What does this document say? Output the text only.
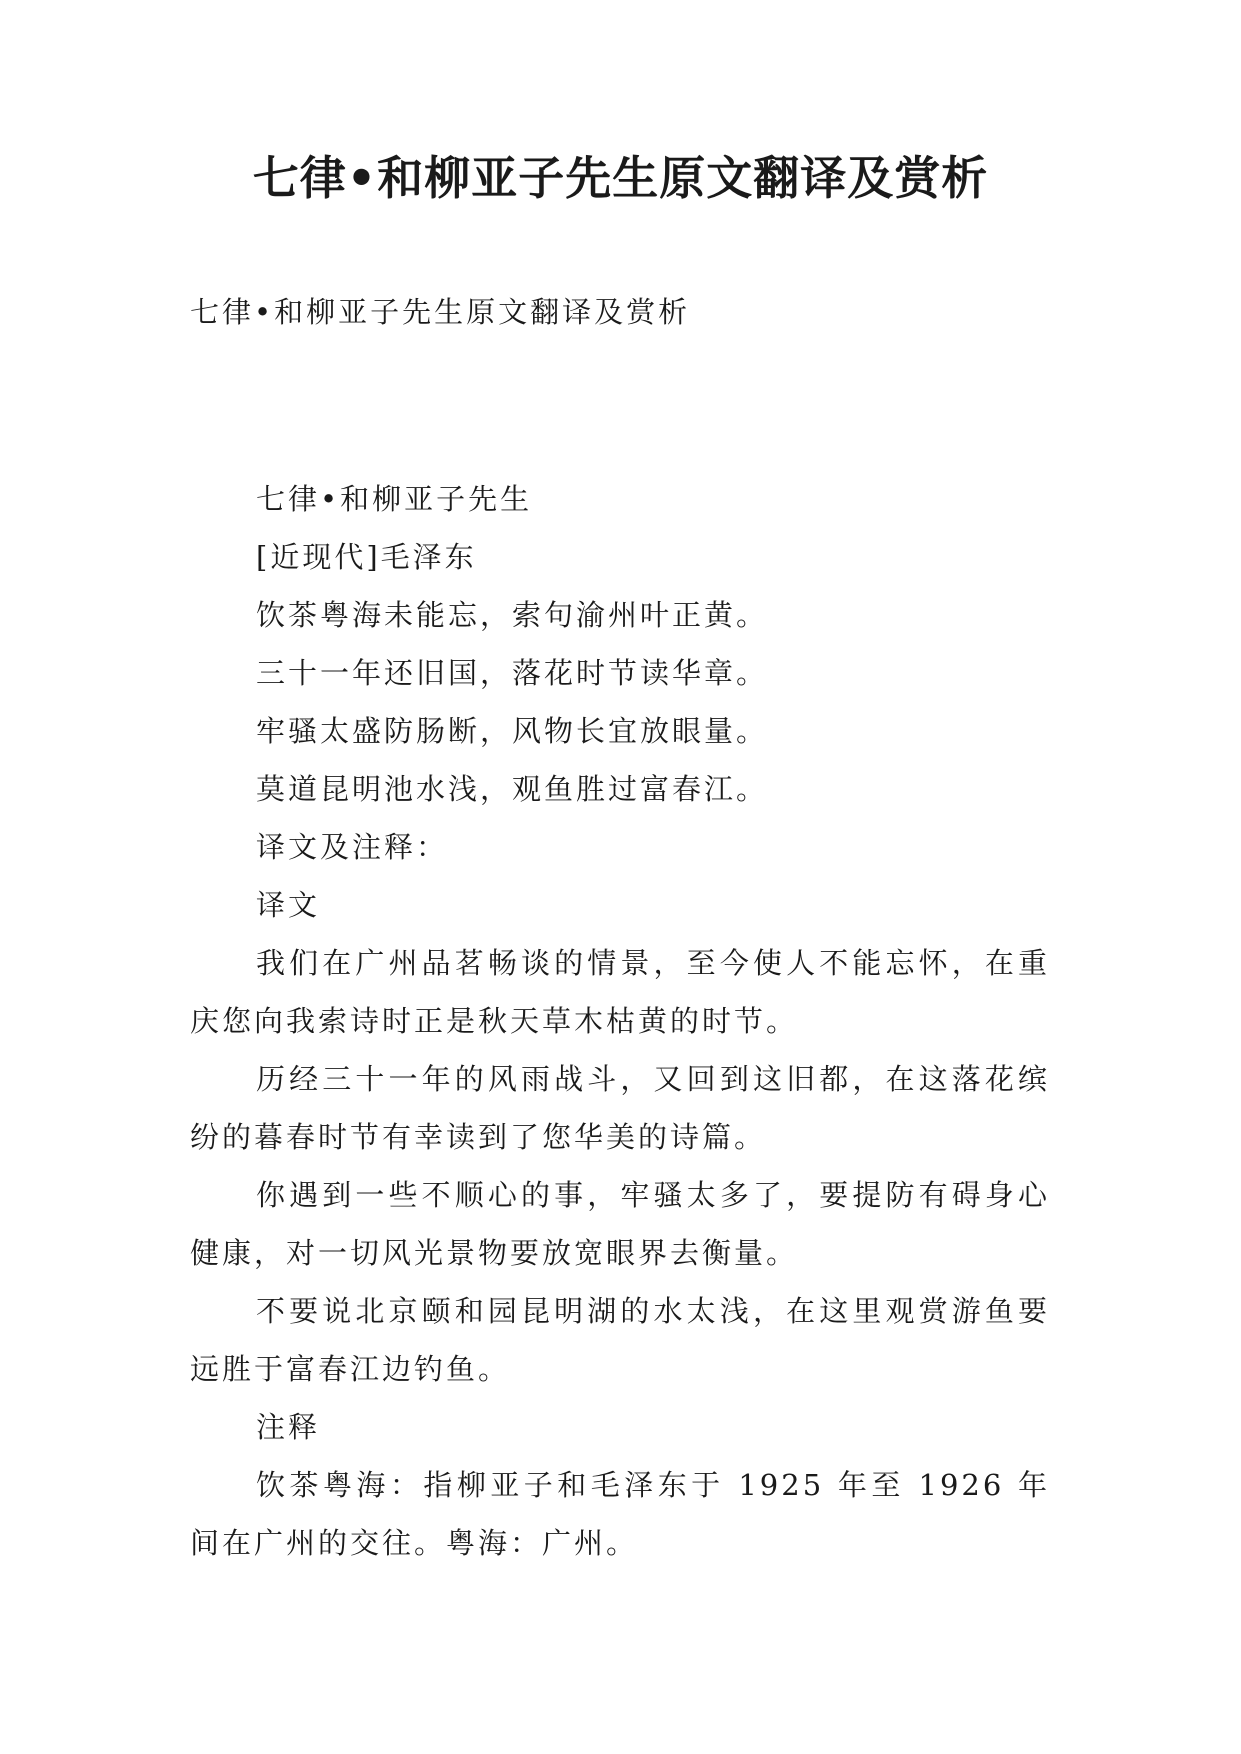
七律•和柳亚子先生原文翻译及赏析

七律•和柳亚子先生原文翻译及赏析

七律•和柳亚子先生

[近现代]毛泽东

饮茶粤海未能忘，索句渝州叶正黄。

三十一年还旧国，落花时节读华章。

牢骚太盛防肠断，风物长宜放眼量。

莫道昆明池水浅，观鱼胜过富春江。

译文及注释：

译文

我们在广州品茗畅谈的情景，至今使人不能忘怀，在重庆您向我索诗时正是秋天草木枯黄的时节。

历经三十一年的风雨战斗，又回到这旧都，在这落花缤纷的暮春时节有幸读到了您华美的诗篇。

你遇到一些不顺心的事，牢骚太多了，要提防有碍身心健康，对一切风光景物要放宽眼界去衡量。

不要说北京颐和园昆明湖的水太浅，在这里观赏游鱼要远胜于富春江边钓鱼。

注释

饮茶粤海：指柳亚子和毛泽东于 1925 年至 1926 年间在广州的交往。粤海：广州。
